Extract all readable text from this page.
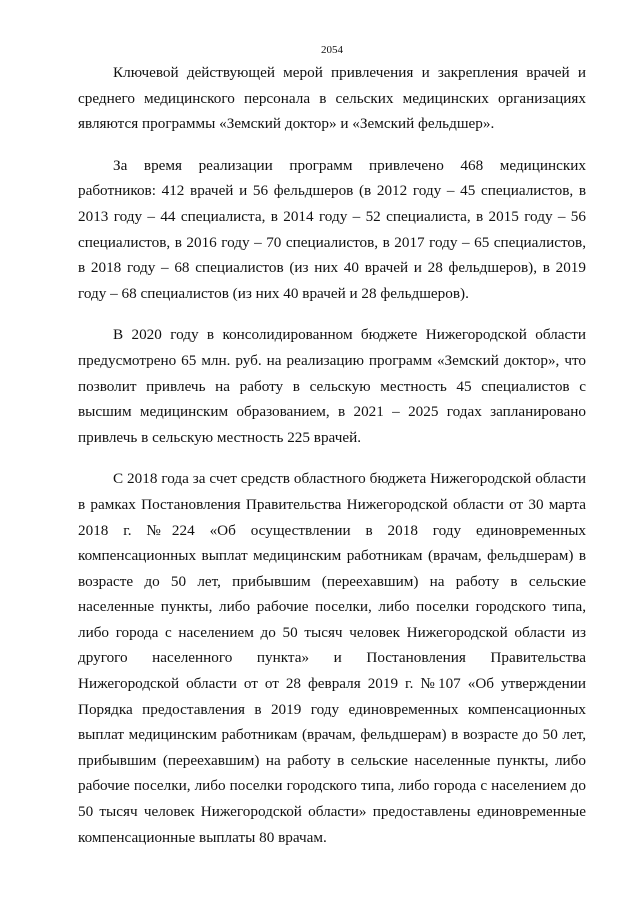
2054

Ключевой действующей мерой привлечения и закрепления врачей и среднего медицинского персонала в сельских медицинских организациях являются программы «Земский доктор» и «Земский фельдшер».

За время реализации программ привлечено 468 медицинских работников: 412 врачей и 56 фельдшеров (в 2012 году – 45 специалистов, в 2013 году – 44 специалиста, в 2014 году – 52 специалиста, в 2015 году – 56 специалистов, в 2016 году – 70 специалистов, в 2017 году – 65 специалистов, в 2018 году – 68 специалистов (из них 40 врачей и 28 фельдшеров), в 2019 году – 68 специалистов (из них 40 врачей и 28 фельдшеров).

В 2020 году в консолидированном бюджете Нижегородской области предусмотрено 65 млн. руб. на реализацию программ «Земский доктор», что позволит привлечь на работу в сельскую местность 45 специалистов с высшим медицинским образованием, в 2021 – 2025 годах запланировано привлечь в сельскую местность 225 врачей.

С 2018 года за счет средств областного бюджета Нижегородской области в рамках Постановления Правительства Нижегородской области от 30 марта 2018 г. №224 «Об осуществлении в 2018 году единовременных компенсационных выплат медицинским работникам (врачам, фельдшерам) в возрасте до 50 лет, прибывшим (переехавшим) на работу в сельские населенные пункты, либо рабочие поселки, либо поселки городского типа, либо города с населением до 50 тысяч человек Нижегородской области из другого населенного пункта» и Постановления Правительства Нижегородской области от от 28 февраля 2019 г. №107 «Об утверждении Порядка предоставления в 2019 году единовременных компенсационных выплат медицинским работникам (врачам, фельдшерам) в возрасте до 50 лет, прибывшим (переехавшим) на работу в сельские населенные пункты, либо рабочие поселки, либо поселки городского типа, либо города с населением до 50 тысяч человек Нижегородской области» предоставлены единовременные компенсационные выплаты 80 врачам.
